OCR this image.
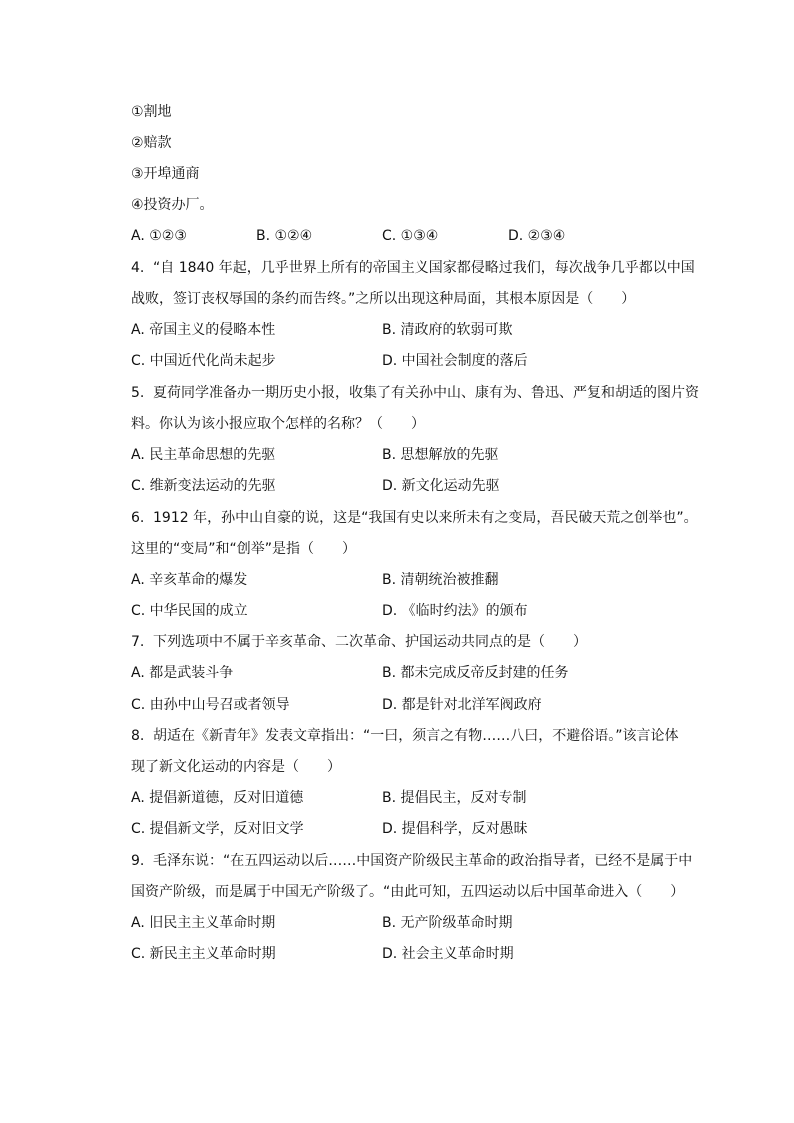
①割地
②赔款
③开埠通商
④投资办厂。
A. ①②③	B. ①②④	C. ①③④	D. ②③④
4. “自 1840 年起，几乎世界上所有的帝国主义国家都侵略过我们，每次战争几乎都以中国
战败，签订丧权辱国的条约而告终。”之所以出现这种局面，其根本原因是（　　）
A. 帝国主义的侵略本性	B. 清政府的软弱可欺
C. 中国近代化尚未起步	D. 中国社会制度的落后
5. 夏荷同学准备办一期历史小报，收集了有关孙中山、康有为、鲁迅、严复和胡适的图片资
料。你认为该小报应取个怎样的名称？（　　）
A. 民主革命思想的先驱	B. 思想解放的先驱
C. 维新变法运动的先驱	D. 新文化运动先驱
6. 1912 年，孙中山自豪的说，这是“我国有史以来所未有之变局，吾民破天荒之创举也”。
这里的“变局”和“创举”是指（　　）
A. 辛亥革命的爆发	B. 清朝统治被推翻
C. 中华民国的成立	D. 《临时约法》的颁布
7. 下列选项中不属于辛亥革命、二次革命、护国运动共同点的是（　　）
A. 都是武装斗争	B. 都未完成反帝反封建的任务
C. 由孙中山号召或者领导	D. 都是针对北洋军阀政府
8. 胡适在《新青年》发表文章指出：“一曰，须言之有物……八曰，不避俗语。”该言论体
现了新文化运动的内容是（　　）
A. 提倡新道德，反对旧道德	B. 提倡民主，反对专制
C. 提倡新文学，反对旧文学	D. 提倡科学，反对愚昧
9. 毛泽东说：“在五四运动以后……中国资产阶级民主革命的政治指导者，已经不是属于中
国资产阶级，而是属于中国无产阶级了。“由此可知，五四运动以后中国革命进入（　　）
A. 旧民主主义革命时期	B. 无产阶级革命时期
C. 新民主主义革命时期	D. 社会主义革命时期
